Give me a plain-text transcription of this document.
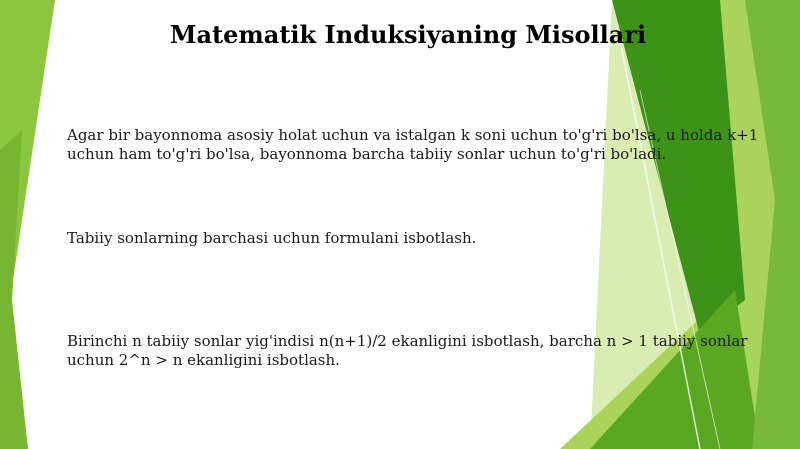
Matematik Induksiyaning Misollari

Agar bir bayonnoma asosiy holat uchun va istalgan k soni uchun to'g'ri bo'lsa, u holda k+1 uchun ham to'g'ri bo'lsa, bayonnoma barcha tabiiy sonlar uchun to'g'ri bo'ladi.

Tabiiy sonlarning barchasi uchun formulani isbotlash.

Birinchi n tabiiy sonlar yig'indisi n(n+1)/2 ekanligini isbotlash, barcha n > 1 tabiiy sonlar uchun 2^n > n ekanligini isbotlash.
